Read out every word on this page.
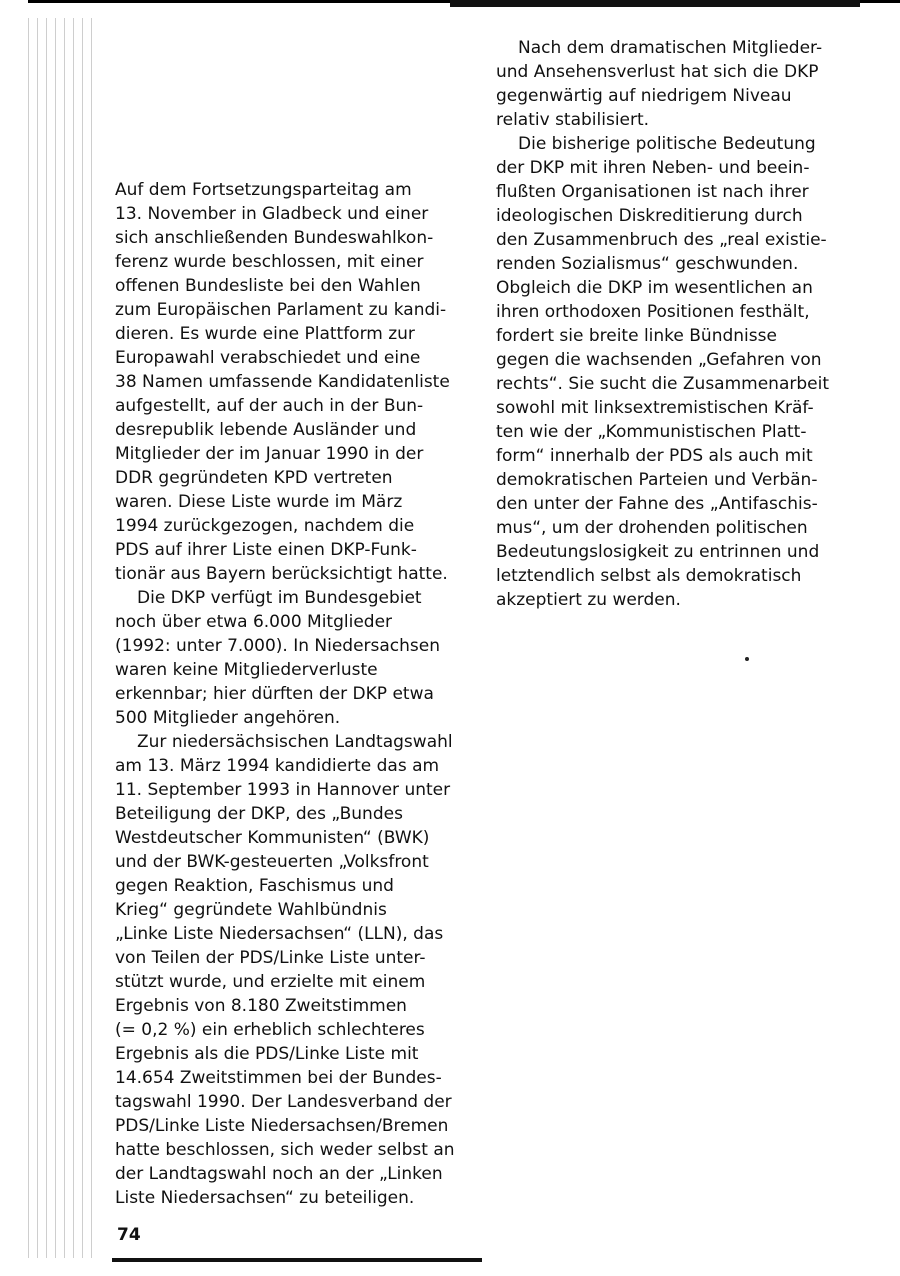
Auf dem Fortsetzungsparteitag am
13. November in Gladbeck und einer
sich anschließenden Bundeswahlkon-
ferenz wurde beschlossen, mit einer
offenen Bundesliste bei den Wahlen
zum Europäischen Parlament zu kandi-
dieren. Es wurde eine Plattform zur
Europawahl verabschiedet und eine
38 Namen umfassende Kandidatenliste
aufgestellt, auf der auch in der Bun-
desrepublik lebende Ausländer und
Mitglieder der im Januar 1990 in der
DDR gegründeten KPD vertreten
waren. Diese Liste wurde im März
1994 zurückgezogen, nachdem die
PDS auf ihrer Liste einen DKP-Funk-
tionär aus Bayern berücksichtigt hatte.

Die DKP verfügt im Bundesgebiet
noch über etwa 6.000 Mitglieder
(1992: unter 7.000). In Niedersachsen
waren keine Mitgliederverluste
erkennbar; hier dürften der DKP etwa
500 Mitglieder angehören.

Zur niedersächsischen Landtagswahl
am 13. März 1994 kandidierte das am
11. September 1993 in Hannover unter
Beteiligung der DKP, des „Bundes
Westdeutscher Kommunisten“ (BWK)
und der BWK-gesteuerten „Volksfront
gegen Reaktion, Faschismus und
Krieg“ gegründete Wahlbündnis
„Linke Liste Niedersachsen“ (LLN), das
von Teilen der PDS/Linke Liste unter-
stützt wurde, und erzielte mit einem
Ergebnis von 8.180 Zweitstimmen
(= 0,2 %) ein erheblich schlechteres
Ergebnis als die PDS/Linke Liste mit
14.654 Zweitstimmen bei der Bundes-
tagswahl 1990. Der Landesverband der
PDS/Linke Liste Niedersachsen/Bremen
hatte beschlossen, sich weder selbst an
der Landtagswahl noch an der „Linken
Liste Niedersachsen“ zu beteiligen.

Nach dem dramatischen Mitglieder-
und Ansehensverlust hat sich die DKP
gegenwärtig auf niedrigem Niveau
relativ stabilisiert.

Die bisherige politische Bedeutung
der DKP mit ihren Neben- und beein-
flußten Organisationen ist nach ihrer
ideologischen Diskreditierung durch
den Zusammenbruch des „real existie-
renden Sozialismus“ geschwunden.
Obgleich die DKP im wesentlichen an
ihren orthodoxen Positionen festhält,
fordert sie breite linke Bündnisse
gegen die wachsenden „Gefahren von
rechts“. Sie sucht die Zusammenarbeit
sowohl mit linksextremistischen Kräf-
ten wie der „Kommunistischen Platt-
form“ innerhalb der PDS als auch mit
demokratischen Parteien und Verbän-
den unter der Fahne des „Antifaschis-
mus“, um der drohenden politischen
Bedeutungslosigkeit zu entrinnen und
letztendlich selbst als demokratisch
akzeptiert zu werden.

74
